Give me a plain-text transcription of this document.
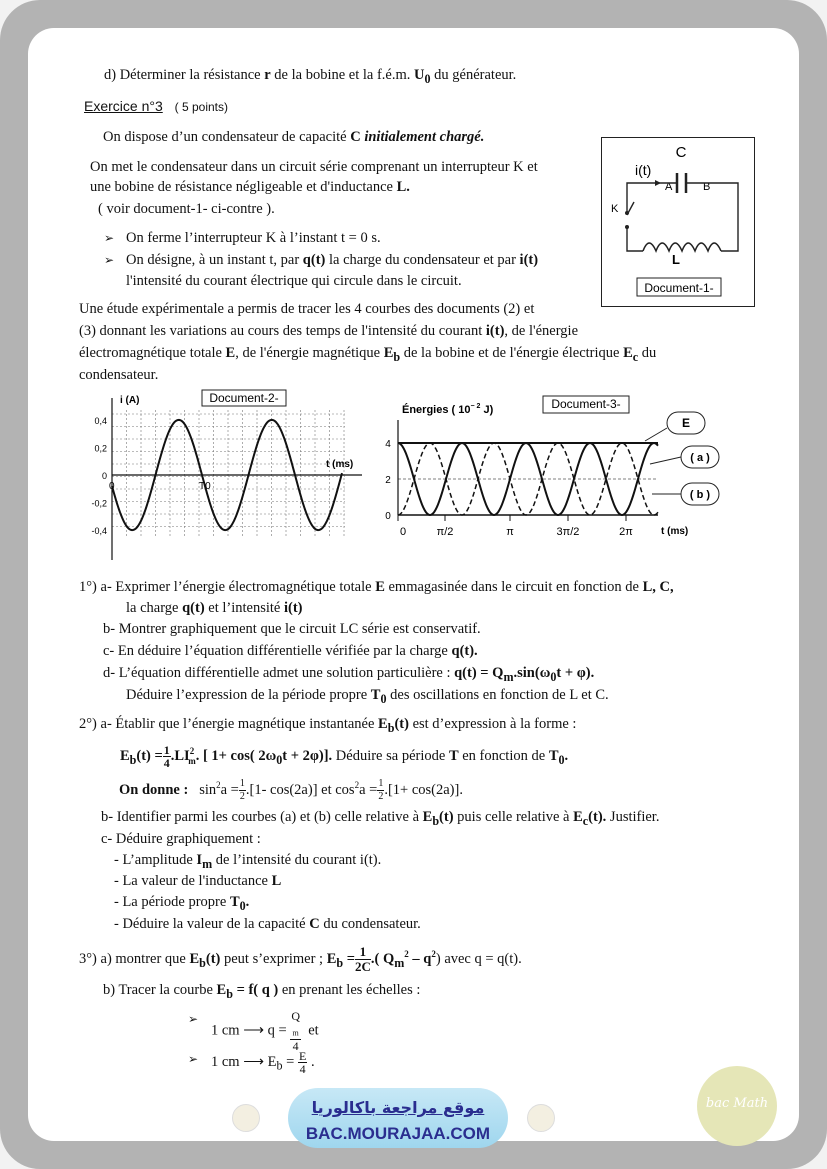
d) Déterminer la résistance r de la bobine et la f.é.m. $U_0$ du générateur.
Exercice n°3 ( 5 points)
On dispose d’un condensateur de capacité C initialement chargé.
On met le condensateur dans un circuit série comprenant un interrupteur K et
une bobine de résistance négligeable et d'inductance L.
( voir document-1- ci-contre ).
➢ On ferme l’interrupteur K à l’instant t = 0 s.
➢ On désigne, à un instant t, par q(t) la charge du condensateur et par i(t)
l'intensité du courant électrique qui circule dans le circuit.
C
i(t)
A	B
K
L
Document-1-
Une étude expérimentale a permis de tracer les 4 courbes des documents (2) et
(3) donnant les variations au cours des temps de l'intensité du courant i(t), de l'énergie
électromagnétique totale E, de l'énergie magnétique $E_b$ de la bobine et de l'énergie électrique $E_c$ du
condensateur.
Document-2-
i (A)
t (ms)
0,4
0,2
0
-0,2
-0,4
0	T0
Énergies ( $10^{- 2}$ J)	Document-3-
4
2
0
0	π/2	π	3π/2	2π	t (ms)
E
( a )
( b )
1°) a- Exprimer l’énergie électromagnétique totale E emmagasinée dans le circuit en fonction de L, C,
la charge q(t) et l’intensité i(t)
b- Montrer graphiquement que le circuit LC série est conservatif.
c- En déduire l’équation différentielle vérifiée par la charge q(t).
d- L’équation différentielle admet une solution particulière : $q(t) = Q_m.\sin(\omega_0t + \varphi)$.
Déduire l’expression de la période propre $T_0$ des oscillations en fonction de L et C.
2°) a- Établir que l’énergie magnétique instantanée $E_b(t)$ est d’expression à la forme :
$E_b(t) = \frac{1}{4} .LI^2_m$. [ 1+ cos( $2\omega_0t + 2\varphi$)]. Déduire sa période T en fonction de $T_0$.
On donne : $\sin^2a = \frac{1}{2} .[1-$ cos(2a)] et $\cos^2a = \frac{1}{2} .[1+ \cos(2a)]$.
b- Identifier parmi les courbes (a) et (b) celle relative à $E_b(t)$ puis celle relative à $E_c(t)$. Justifier.
c- Déduire graphiquement :
- L’amplitude $I_m$ de l’intensité du courant i(t).
- La valeur de l'inductance L
- La période propre $T_0$.
- Déduire la valeur de la capacité C du condensateur.
3°) a) montrer que $E_b(t)$ peut s’exprimer ; $E_b = \frac{1}{2C}$ .( $Q_m^2 - q^2$) avec q = q(t).
b) Tracer la courbe $E_b = f$( q ) en prenant les échelles :
➢
1 cm ⟶ q = Q
$_m$
4 et
➢ 1 cm ⟶ $E_b = \frac{E}{4}$ .
موقع مراجعة باكالوريا
BAC.MOURAJAA.COM
bac Math
